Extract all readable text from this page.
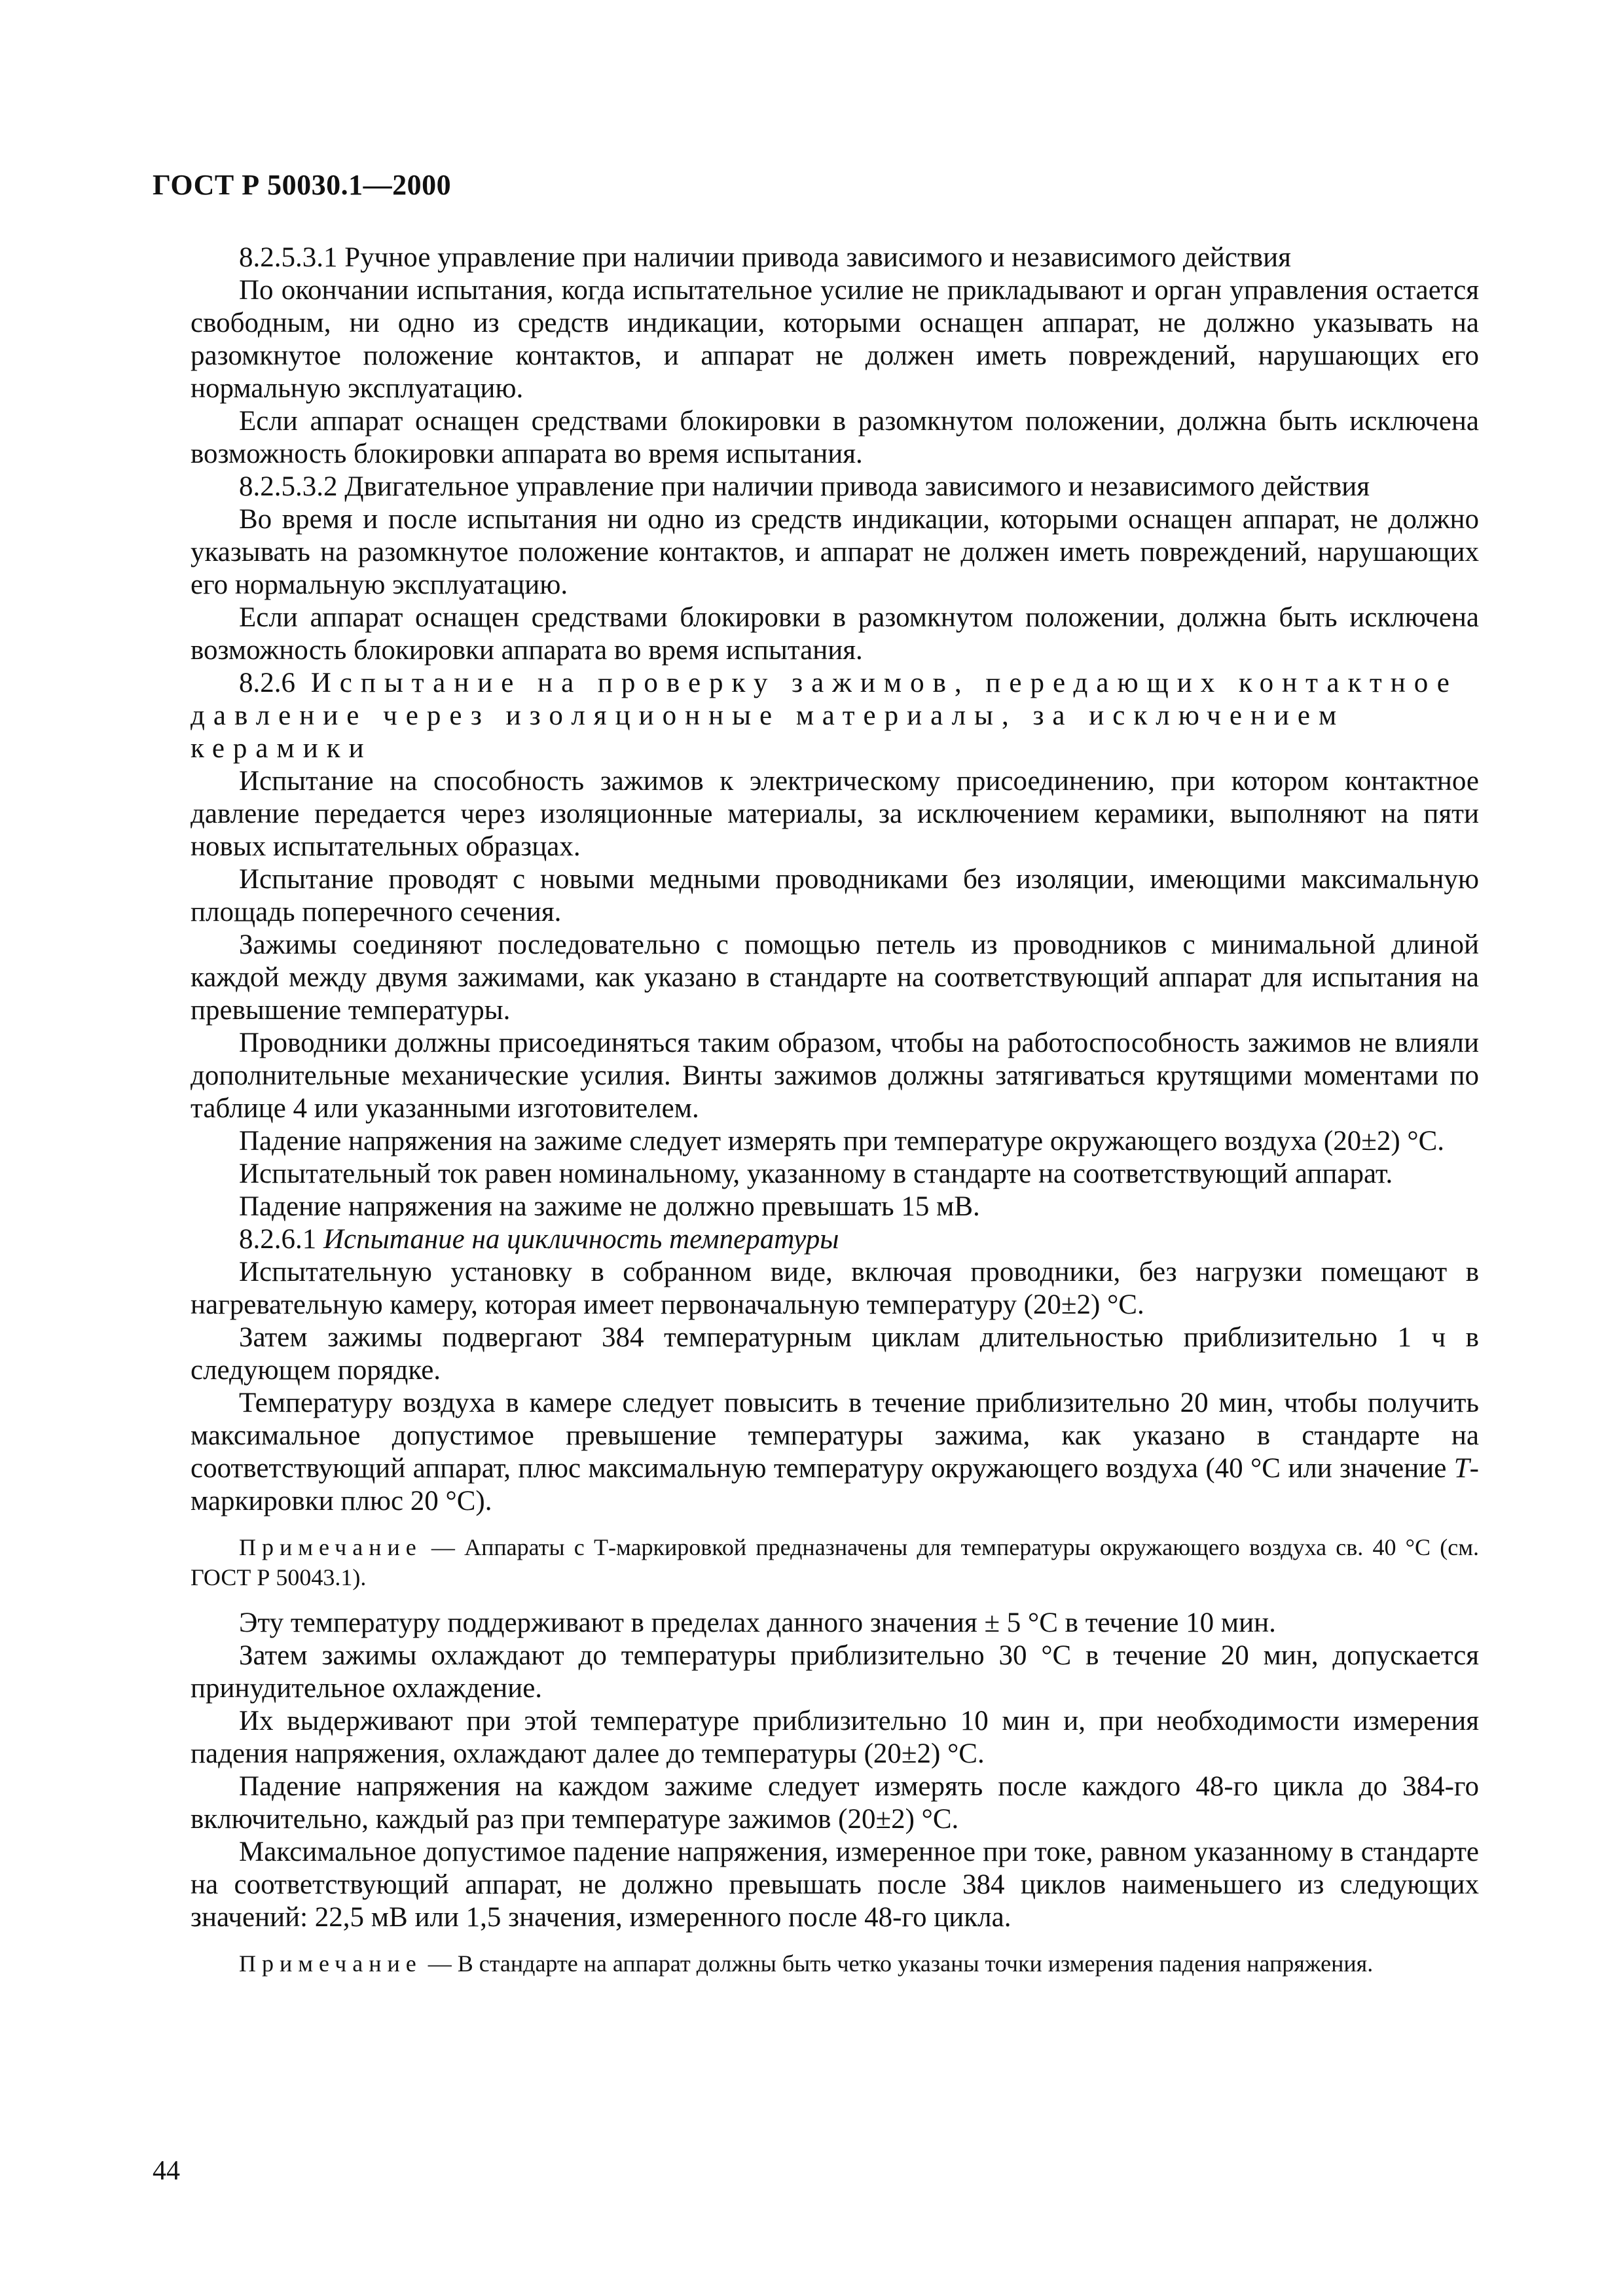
ГОСТ Р 50030.1—2000

8.2.5.3.1 Ручное управление при наличии привода зависимого и независимого действия

По окончании испытания, когда испытательное усилие не прикладывают и орган управления остается свободным, ни одно из средств индикации, которыми оснащен аппарат, не должно указывать на разомкнутое положение контактов, и аппарат не должен иметь повреждений, нарушающих его нормальную эксплуатацию.

Если аппарат оснащен средствами блокировки в разомкнутом положении, должна быть исключена возможность блокировки аппарата во время испытания.

8.2.5.3.2 Двигательное управление при наличии привода зависимого и независимого действия

Во время и после испытания ни одно из средств индикации, которыми оснащен аппарат, не должно указывать на разомкнутое положение контактов, и аппарат не должен иметь повреждений, нарушающих его нормальную эксплуатацию.

Если аппарат оснащен средствами блокировки в разомкнутом положении, должна быть исключена возможность блокировки аппарата во время испытания.

8.2.6 Испытание на проверку зажимов, передающих контактное давление через изоляционные материалы, за исключением керамики

Испытание на способность зажимов к электрическому присоединению, при котором контактное давление передается через изоляционные материалы, за исключением керамики, выполняют на пяти новых испытательных образцах.

Испытание проводят с новыми медными проводниками без изоляции, имеющими максимальную площадь поперечного сечения.

Зажимы соединяют последовательно с помощью петель из проводников с минимальной длиной каждой между двумя зажимами, как указано в стандарте на соответствующий аппарат для испытания на превышение температуры.

Проводники должны присоединяться таким образом, чтобы на работоспособность зажимов не влияли дополнительные механические усилия. Винты зажимов должны затягиваться крутящими моментами по таблице 4 или указанными изготовителем.

Падение напряжения на зажиме следует измерять при температуре окружающего воздуха (20±2) °С.

Испытательный ток равен номинальному, указанному в стандарте на соответствующий аппарат.

Падение напряжения на зажиме не должно превышать 15 мВ.

8.2.6.1 Испытание на цикличность температуры

Испытательную установку в собранном виде, включая проводники, без нагрузки помещают в нагревательную камеру, которая имеет первоначальную температуру (20±2) °С.

Затем зажимы подвергают 384 температурным циклам длительностью приблизительно 1 ч в следующем порядке.

Температуру воздуха в камере следует повысить в течение приблизительно 20 мин, чтобы получить максимальное допустимое превышение температуры зажима, как указано в стандарте на соответствующий аппарат, плюс максимальную температуру окружающего воздуха (40 °С или значение Т-маркировки плюс 20 °С).

Примечание — Аппараты с Т-маркировкой предназначены для температуры окружающего воздуха св. 40 °С (см. ГОСТ Р 50043.1).

Эту температуру поддерживают в пределах данного значения ± 5 °С в течение 10 мин.

Затем зажимы охлаждают до температуры приблизительно 30 °С в течение 20 мин, допускается принудительное охлаждение.

Их выдерживают при этой температуре приблизительно 10 мин и, при необходимости измерения падения напряжения, охлаждают далее до температуры (20±2) °С.

Падение напряжения на каждом зажиме следует измерять после каждого 48-го цикла до 384-го включительно, каждый раз при температуре зажимов (20±2) °С.

Максимальное допустимое падение напряжения, измеренное при токе, равном указанному в стандарте на соответствующий аппарат, не должно превышать после 384 циклов наименьшего из следующих значений: 22,5 мВ или 1,5 значения, измеренного после 48-го цикла.

Примечание — В стандарте на аппарат должны быть четко указаны точки измерения падения напряжения.

44
